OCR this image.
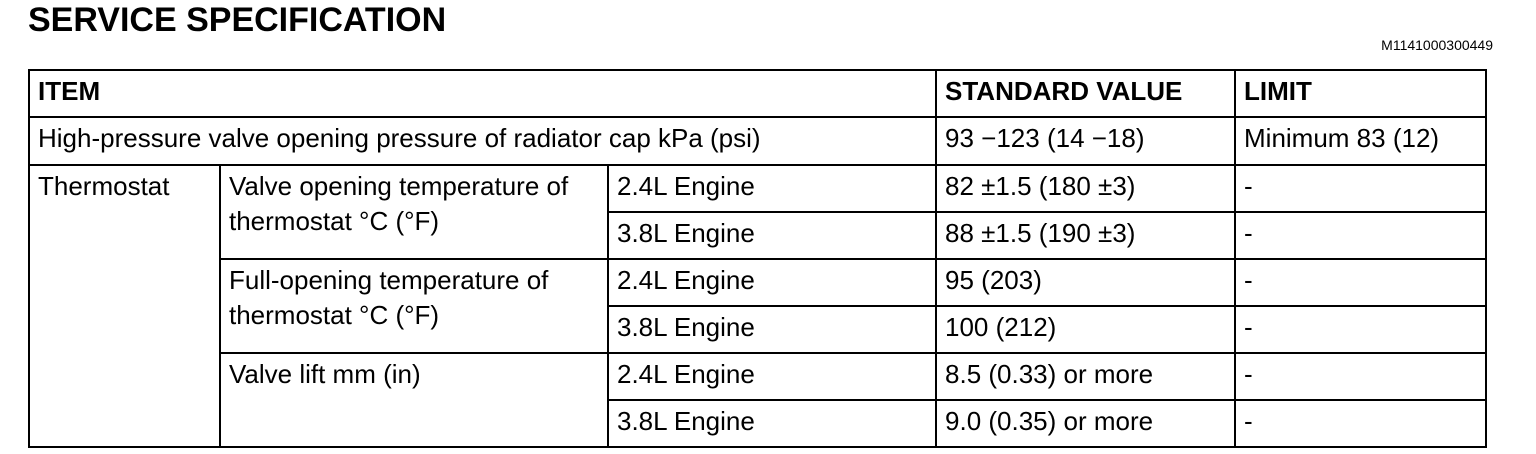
SERVICE SPECIFICATION
M1141000300449
ITEM			STANDARD VALUE	LIMIT
High-pressure valve opening pressure of radiator cap kPa (psi)			93 −123 (14 −18)	Minimum 83 (12)
Thermostat	Valve opening temperature of thermostat °C (°F)	2.4L Engine	82 ±1.5 (180 ±3)	-
		3.8L Engine	88 ±1.5 (190 ±3)	-
	Full-opening temperature of thermostat °C (°F)	2.4L Engine	95 (203)	-
		3.8L Engine	100 (212)	-
	Valve lift mm (in)	2.4L Engine	8.5 (0.33) or more	-
		3.8L Engine	9.0 (0.35) or more	-
